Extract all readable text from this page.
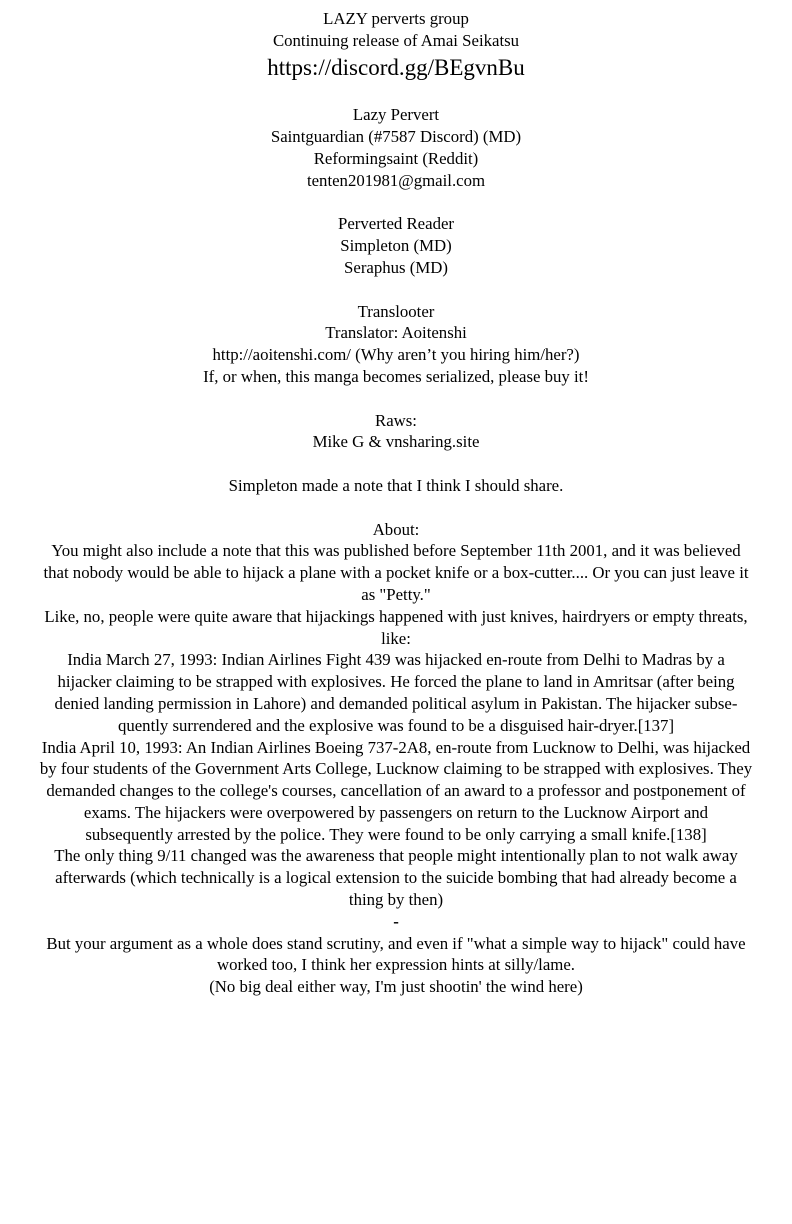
LAZY perverts group
Continuing release of Amai Seikatsu
https://discord.gg/BEgvnBu
Lazy Pervert
Saintguardian (#7587 Discord) (MD)
Reformingsaint (Reddit)
tenten201981@gmail.com
Perverted Reader
Simpleton (MD)
Seraphus (MD)
Translooter
Translator: Aoitenshi
http://aoitenshi.com/ (Why aren’t you hiring him/her?)
If, or when, this manga becomes serialized, please buy it!
Raws:
Mike G & vnsharing.site
Simpleton made a note that I think I should share.
About:
You might also include a note that this was published before September 11th 2001, and it was believed
that nobody would be able to hijack a plane with a pocket knife or a box-cutter.... Or you can just leave it
as "Petty."
Like, no, people were quite aware that hijackings happened with just knives, hairdryers or empty threats,
like:
India March 27, 1993: Indian Airlines Fight 439 was hijacked en-route from Delhi to Madras by a
hijacker claiming to be strapped with explosives. He forced the plane to land in Amritsar (after being
denied landing permission in Lahore) and demanded political asylum in Pakistan. The hijacker subse-
quently surrendered and the explosive was found to be a disguised hair-dryer.[137]
India April 10, 1993: An Indian Airlines Boeing 737-2A8, en-route from Lucknow to Delhi, was hijacked
by four students of the Government Arts College, Lucknow claiming to be strapped with explosives. They
demanded changes to the college's courses, cancellation of an award to a professor and postponement of
exams. The hijackers were overpowered by passengers on return to the Lucknow Airport and
subsequently arrested by the police. They were found to be only carrying a small knife.[138]
The only thing 9/11 changed was the awareness that people might intentionally plan to not walk away
afterwards (which technically is a logical extension to the suicide bombing that had already become a
thing by then)
-
But your argument as a whole does stand scrutiny, and even if "what a simple way to hijack" could have
worked too, I think her expression hints at silly/lame.
(No big deal either way, I'm just shootin' the wind here)
